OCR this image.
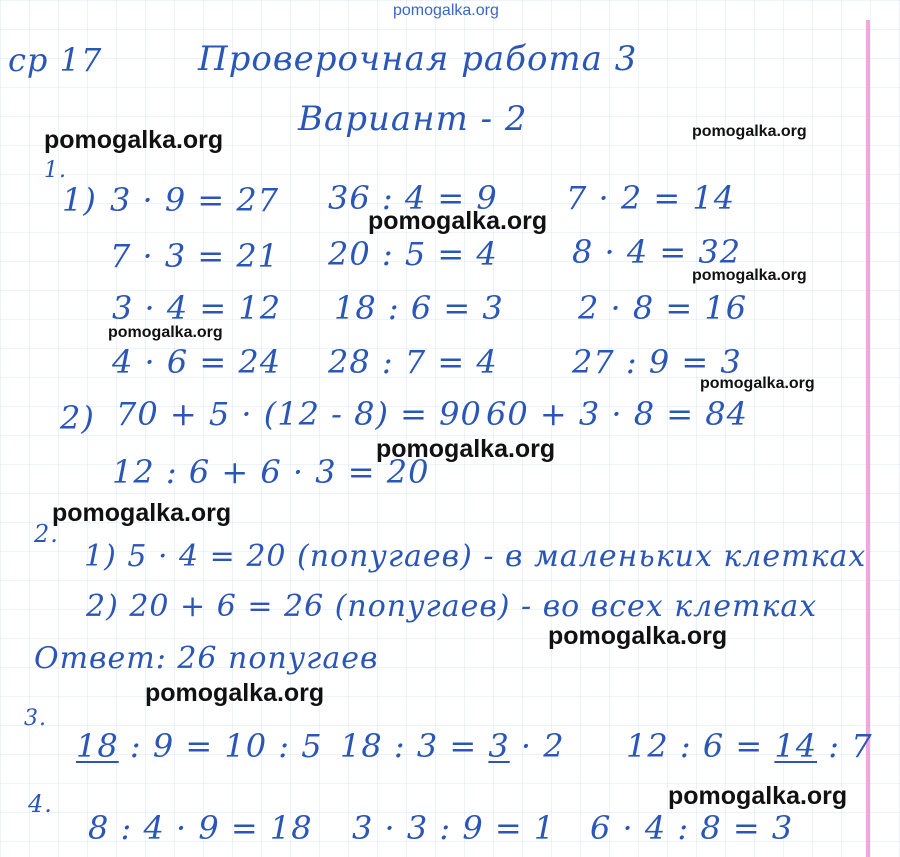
pomogalka.org
pomogalka.org	pomogalka.org
pomogalka.org
pomogalka.org
pomogalka.org
pomogalka.org
pomogalka.org
pomogalka.org
pomogalka.org
pomogalka.org
pomogalka.org
ср 17	Проверочная работа 3
Вариант - 2
1.
1) 3 · 9 = 27
7 · 3 = 21
3 · 4 = 12
4 · 6 = 24
36 : 4 = 9
20 : 5 = 4
18 : 6 = 3
28 : 7 = 4
7 · 2 = 14
8 · 4 = 32
2 · 8 = 16
27 : 9 = 3
2) 70 + 5 · (12 - 8) = 90 60 + 3 · 8 = 84
12 : 6 + 6 · 3 = 20
2.
1) 5 · 4 = 20 (попугаев) - в маленьких клетках
2) 20 + 6 = 26 (попугаев) - во всех клетках
Ответ: 26 попугаев
3.
18 : 9 = 10 : 5 18 : 3 = 3 · 2 12 : 6 = 14 : 7
4.
8 : 4 · 9 = 18 3 · 3 : 9 = 1 6 · 4 : 8 = 3
